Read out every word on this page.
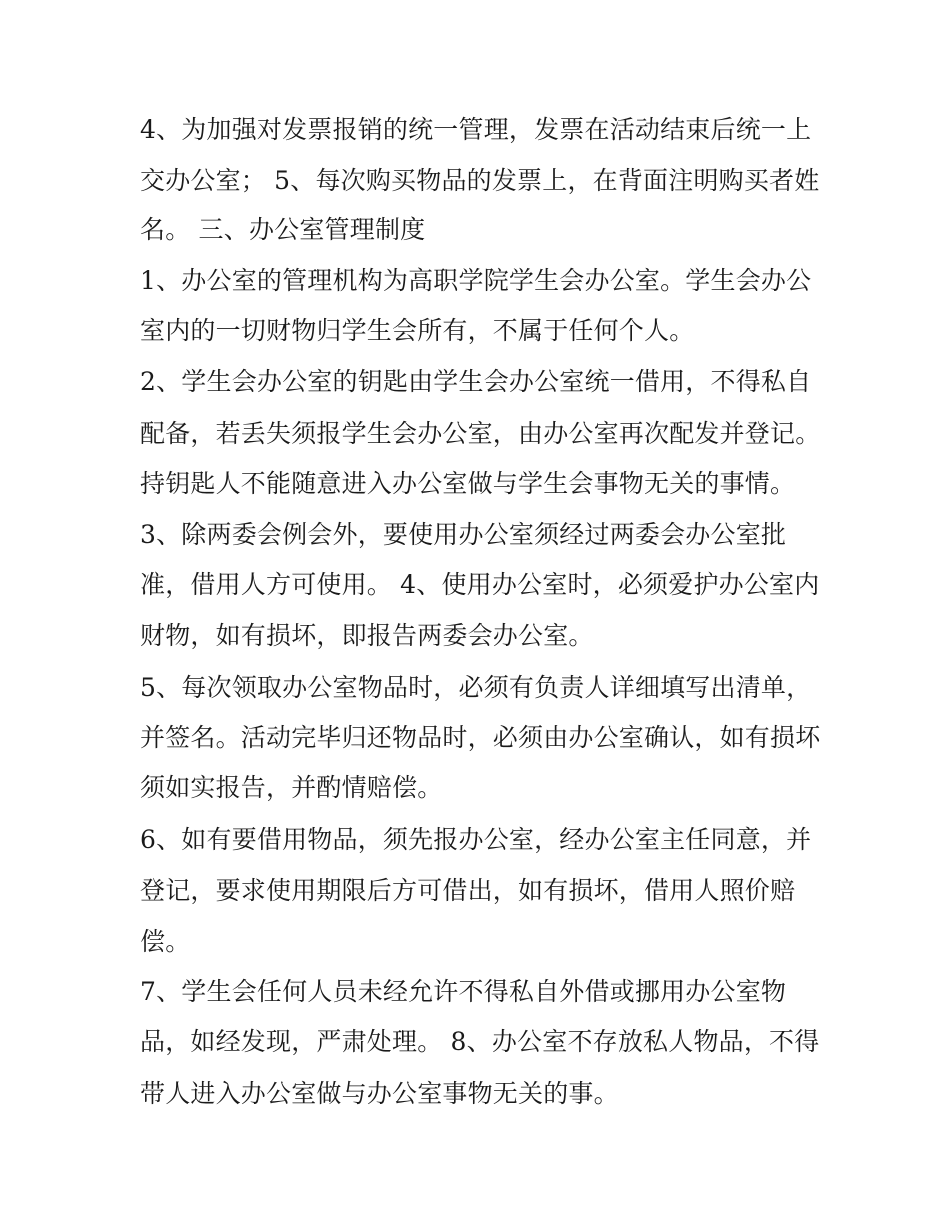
4、为加强对发票报销的统一管理，发票在活动结束后统一上
交办公室； 5、每次购买物品的发票上，在背面注明购买者姓
名。 三、办公室管理制度
1、办公室的管理机构为高职学院学生会办公室。学生会办公
室内的一切财物归学生会所有，不属于任何个人。
2、学生会办公室的钥匙由学生会办公室统一借用，不得私自
配备，若丢失须报学生会办公室，由办公室再次配发并登记。
持钥匙人不能随意进入办公室做与学生会事物无关的事情。
3、除两委会例会外，要使用办公室须经过两委会办公室批
准，借用人方可使用。 4、使用办公室时，必须爱护办公室内
财物，如有损坏，即报告两委会办公室。
5、每次领取办公室物品时，必须有负责人详细填写出清单，
并签名。活动完毕归还物品时，必须由办公室确认，如有损坏
须如实报告，并酌情赔偿。
6、如有要借用物品，须先报办公室，经办公室主任同意，并
登记，要求使用期限后方可借出，如有损坏，借用人照价赔
偿。
7、学生会任何人员未经允许不得私自外借或挪用办公室物
品，如经发现，严肃处理。 8、办公室不存放私人物品，不得
带人进入办公室做与办公室事物无关的事。
